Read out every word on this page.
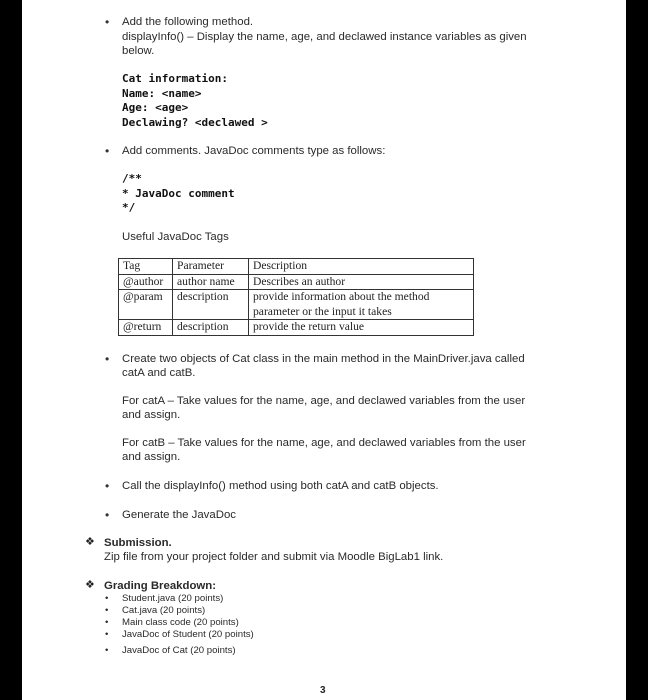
• Add the following method.
displayInfo() – Display the name, age, and declawed instance variables as given
below.
Cat information:
Name: <name>
Age: <age>
Declawing? <declawed >
• Add comments. JavaDoc comments type as follows:
/**
* JavaDoc comment
*/
Useful JavaDoc Tags
Tag	Parameter	Description
@author	author name	Describes an author
@param	description	provide information about the method
parameter or the input it takes

@return	description	provide the return value
• Create two objects of Cat class in the main method in the MainDriver.java called
catA and catB.
For catA – Take values for the name, age, and declawed variables from the user
and assign.
For catB – Take values for the name, age, and declawed variables from the user
and assign.
• Call the displayInfo() method using both catA and catB objects.
• Generate the JavaDoc
❖ Submission.
Zip file from your project folder and submit via Moodle BigLab1 link.
❖ Grading Breakdown:
• Student.java (20 points)
• Cat.java (20 points)
• Main class code (20 points)
• JavaDoc of Student (20 points)
• JavaDoc of Cat (20 points)
3
